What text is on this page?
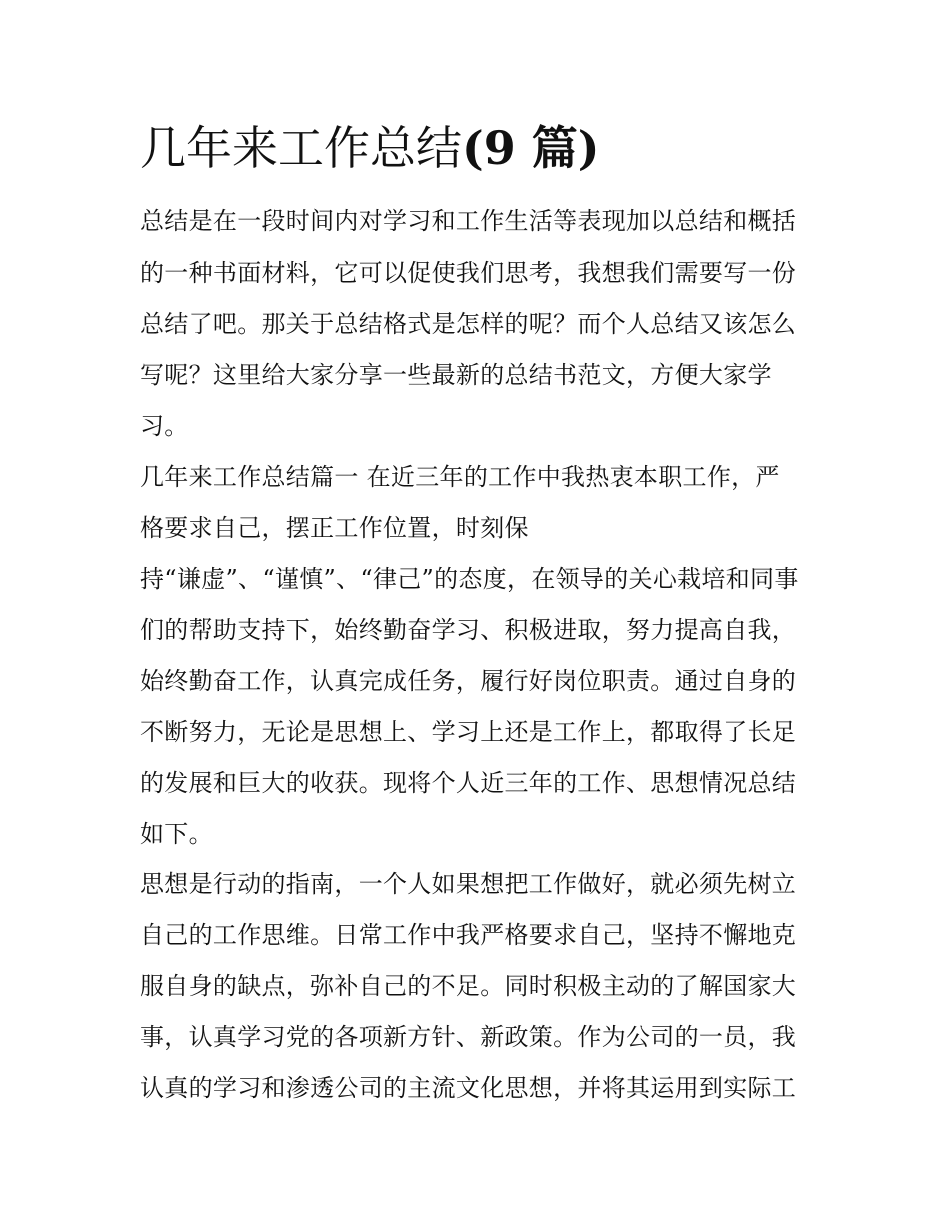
几年来工作总结(9 篇)
总结是在一段时间内对学习和工作生活等表现加以总结和概括
的一种书面材料，它可以促使我们思考，我想我们需要写一份
总结了吧。那关于总结格式是怎样的呢？而个人总结又该怎么
写呢？这里给大家分享一些最新的总结书范文，方便大家学
习。
几年来工作总结篇一 在近三年的工作中我热衷本职工作，严
格要求自己，摆正工作位置，时刻保
持“谦虚”、“谨慎”、“律己”的态度，在领导的关心栽培和同事
们的帮助支持下，始终勤奋学习、积极进取，努力提高自我，
始终勤奋工作，认真完成任务，履行好岗位职责。通过自身的
不断努力，无论是思想上、学习上还是工作上，都取得了长足
的发展和巨大的收获。现将个人近三年的工作、思想情况总结
如下。
思想是行动的指南，一个人如果想把工作做好，就必须先树立
自己的工作思维。日常工作中我严格要求自己，坚持不懈地克
服自身的缺点，弥补自己的不足。同时积极主动的了解国家大
事，认真学习党的各项新方针、新政策。作为公司的一员，我
认真的学习和渗透公司的主流文化思想，并将其运用到实际工
